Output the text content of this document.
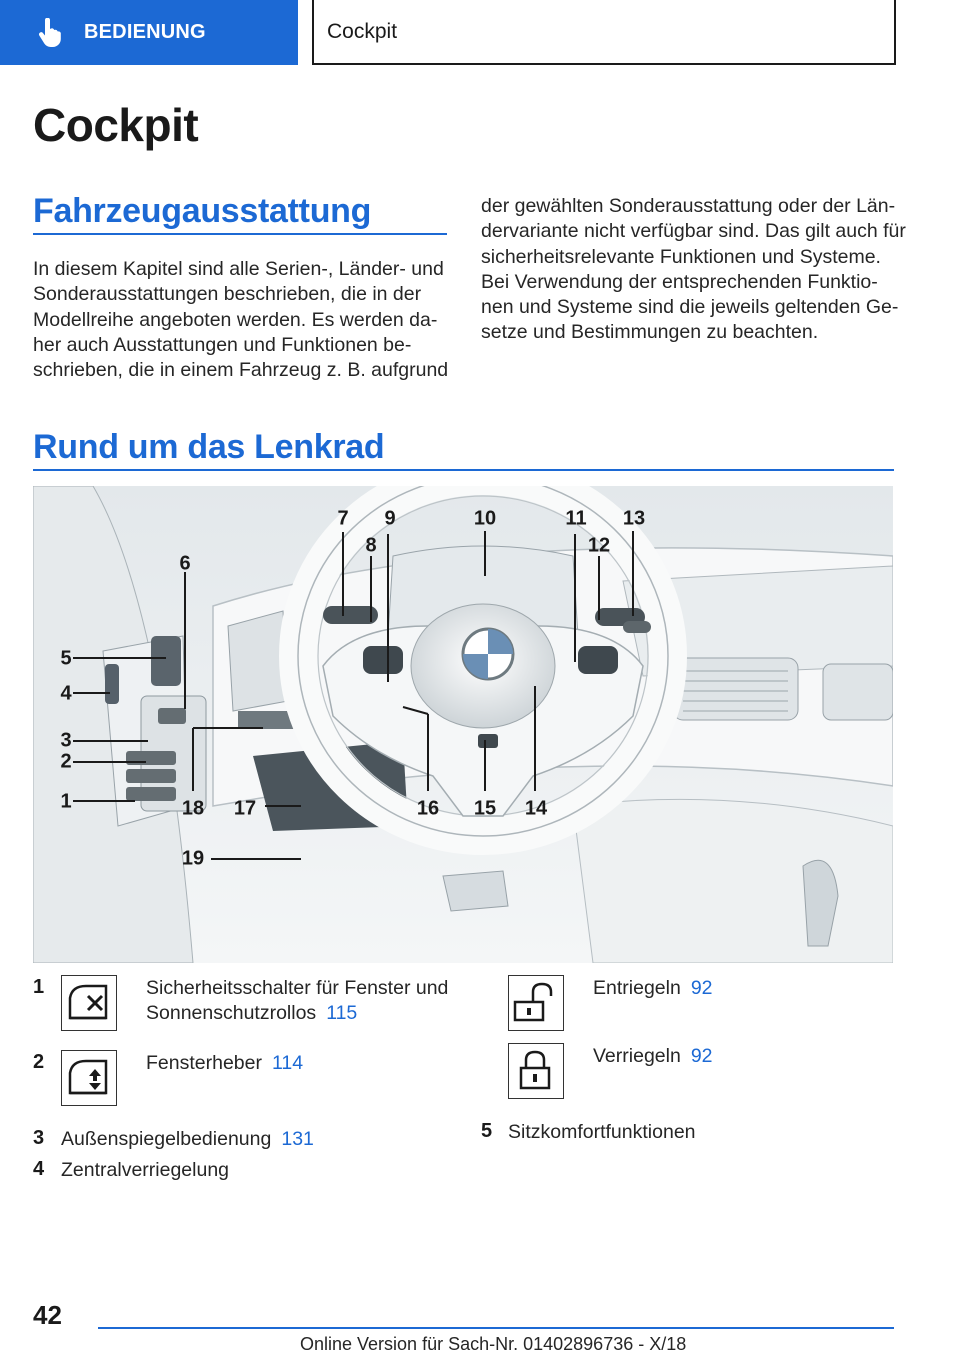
BEDIENUNG	Cockpit
Cockpit
Fahrzeugausstattung
In diesem Kapitel sind alle Serien-, Länder- und
Sonderausstattungen beschrieben, die in der
Modellreihe angeboten werden. Es werden da-
her auch Ausstattungen und Funktionen be-
schrieben, die in einem Fahrzeug z. B. aufgrund
der gewählten Sonderausstattung oder der Län-
dervariante nicht verfügbar sind. Das gilt auch für
sicherheitsrelevante Funktionen und Systeme.
Bei Verwendung der entsprechenden Funktio-
nen und Systeme sind die jeweils geltenden Ge-
setze und Bestimmungen zu beachten.
Rund um das Lenkrad
1
2
3
4
5
6
7
8
9	10	11
12
13
14
15
16
17
18
19
1	Sicherheitsschalter für Fenster und
Sonnenschutzrollos 115
2	Fensterheber 114
3 Außenspiegelbedienung 131
4 Zentralverriegelung
Entriegeln 92
Verriegeln 92
5 Sitzkomfortfunktionen
42
Online Version für Sach-Nr. 01402896736 - X/18
